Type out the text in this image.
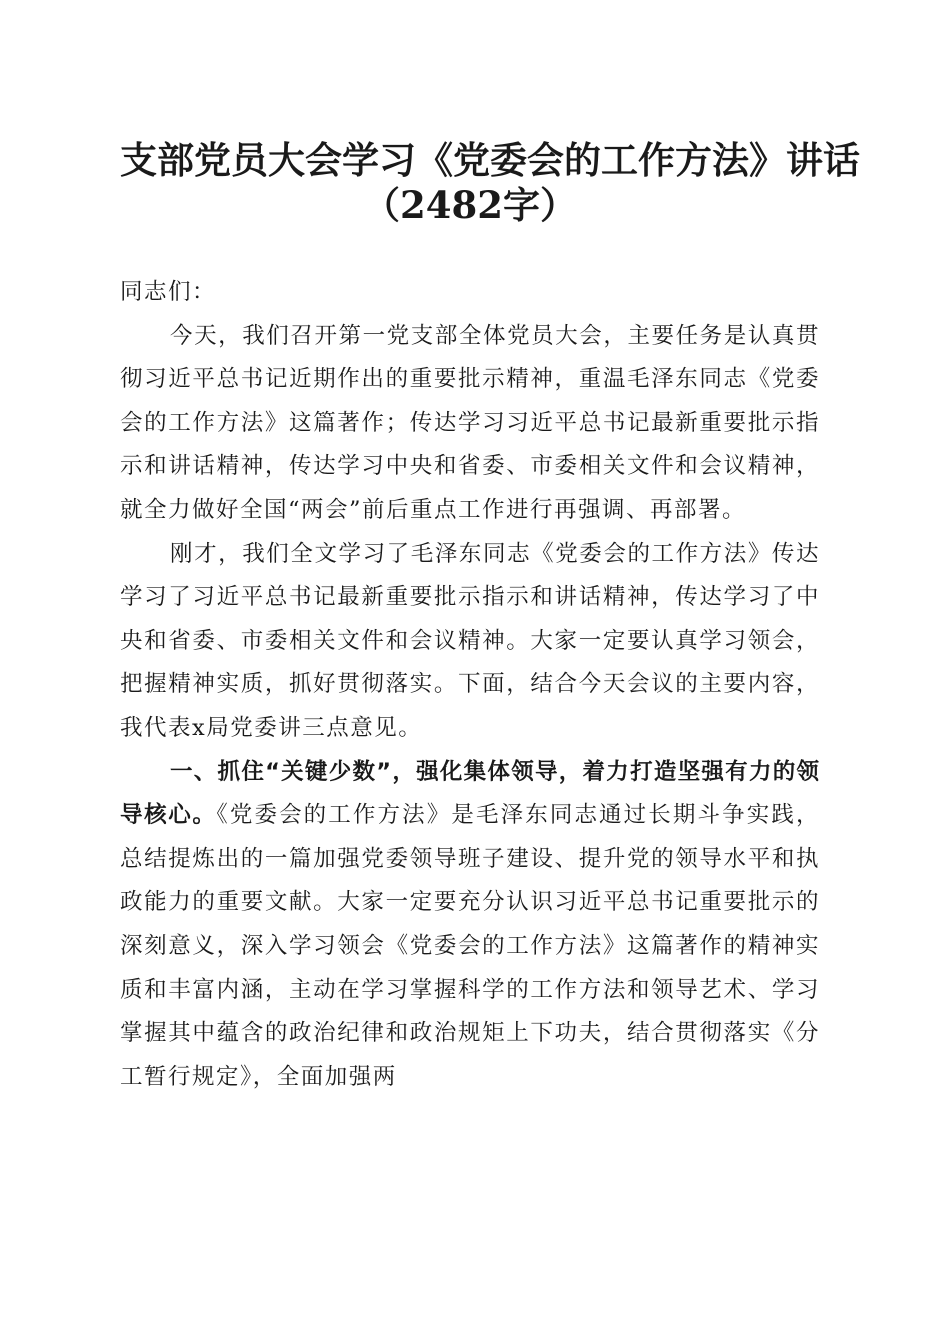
支部党员大会学习《党委会的工作方法》讲话
（2482字）

同志们：

今天，我们召开第一党支部全体党员大会，主要任务是认真贯彻习近平总书记近期作出的重要批示精神，重温毛泽东同志《党委会的工作方法》这篇著作；传达学习习近平总书记最新重要批示指示和讲话精神，传达学习中央和省委、市委相关文件和会议精神，就全力做好全国“两会”前后重点工作进行再强调、再部署。

刚才，我们全文学习了毛泽东同志《党委会的工作方法》传达学习了习近平总书记最新重要批示指示和讲话精神，传达学习了中央和省委、市委相关文件和会议精神。大家一定要认真学习领会，把握精神实质，抓好贯彻落实。下面，结合今天会议的主要内容，我代表x局党委讲三点意见。

一、抓住“关键少数”，强化集体领导，着力打造坚强有力的领导核心。《党委会的工作方法》是毛泽东同志通过长期斗争实践，总结提炼出的一篇加强党委领导班子建设、提升党的领导水平和执政能力的重要文献。大家一定要充分认识习近平总书记重要批示的深刻意义，深入学习领会《党委会的工作方法》这篇著作的精神实质和丰富内涵，主动在学习掌握科学的工作方法和领导艺术、学习掌握其中蕴含的政治纪律和政治规矩上下功夫，结合贯彻落实《分工暂行规定》，全面加强两
